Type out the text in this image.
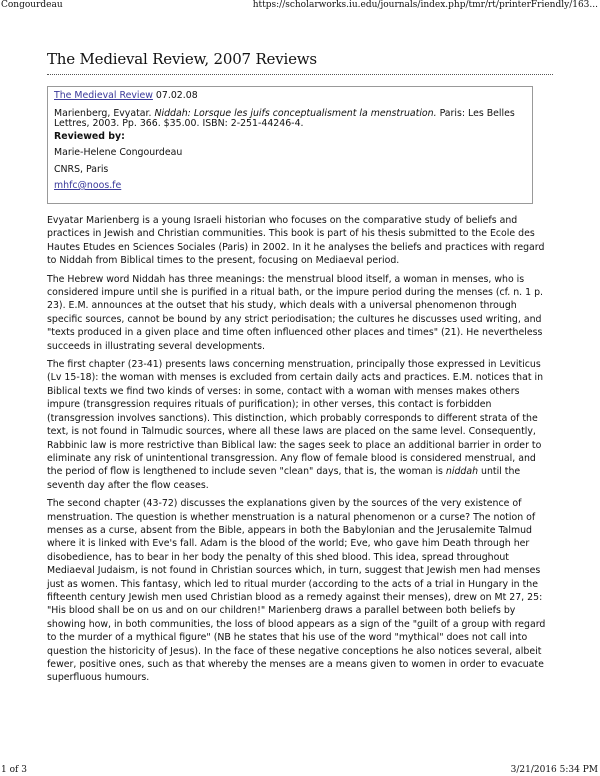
Congourdeau	https://scholarworks.iu.edu/journals/index.php/tmr/rt/printerFriendly/163...
The Medieval Review, 2007 Reviews

The Medieval Review 07.02.08

Marienberg, Evyatar. Niddah: Lorsque les juifs conceptualisment la menstruation. Paris: Les Belles Lettres, 2003. Pp. 366. $35.00. ISBN: 2-251-44246-4.

Reviewed by:

Marie-Helene Congourdeau

CNRS, Paris

mhfc@noos.fe

Evyatar Marienberg is a young Israeli historian who focuses on the comparative study of beliefs and practices in Jewish and Christian communities. This book is part of his thesis submitted to the Ecole des Hautes Etudes en Sciences Sociales (Paris) in 2002. In it he analyses the beliefs and practices with regard to Niddah from Biblical times to the present, focusing on Mediaeval period.

The Hebrew word Niddah has three meanings: the menstrual blood itself, a woman in menses, who is considered impure until she is purified in a ritual bath, or the impure period during the menses (cf. n. 1 p. 23). E.M. announces at the outset that his study, which deals with a universal phenomenon through specific sources, cannot be bound by any strict periodisation; the cultures he discusses used writing, and "texts produced in a given place and time often influenced other places and times" (21). He nevertheless succeeds in illustrating several developments.

The first chapter (23-41) presents laws concerning menstruation, principally those expressed in Leviticus (Lv 15-18): the woman with menses is excluded from certain daily acts and practices. E.M. notices that in Biblical texts we find two kinds of verses: in some, contact with a woman with menses makes others impure (transgression requires rituals of purification); in other verses, this contact is forbidden (transgression involves sanctions). This distinction, which probably corresponds to different strata of the text, is not found in Talmudic sources, where all these laws are placed on the same level. Consequently, Rabbinic law is more restrictive than Biblical law: the sages seek to place an additional barrier in order to eliminate any risk of unintentional transgression. Any flow of female blood is considered menstrual, and the period of flow is lengthened to include seven "clean" days, that is, the woman is niddah until the seventh day after the flow ceases.

The second chapter (43-72) discusses the explanations given by the sources of the very existence of menstruation. The question is whether menstruation is a natural phenomenon or a curse? The notion of menses as a curse, absent from the Bible, appears in both the Babylonian and the Jerusalemite Talmud where it is linked with Eve's fall. Adam is the blood of the world; Eve, who gave him Death through her disobedience, has to bear in her body the penalty of this shed blood. This idea, spread throughout Mediaeval Judaism, is not found in Christian sources which, in turn, suggest that Jewish men had menses just as women. This fantasy, which led to ritual murder (according to the acts of a trial in Hungary in the fifteenth century Jewish men used Christian blood as a remedy against their menses), drew on Mt 27, 25: "His blood shall be on us and on our children!" Marienberg draws a parallel between both beliefs by showing how, in both communities, the loss of blood appears as a sign of the "guilt of a group with regard to the murder of a mythical figure" (NB he states that his use of the word "mythical" does not call into question the historicity of Jesus). In the face of these negative conceptions he also notices several, albeit fewer, positive ones, such as that whereby the menses are a means given to women in order to evacuate superfluous humours.

1 of 3	3/21/2016 5:34 PM
